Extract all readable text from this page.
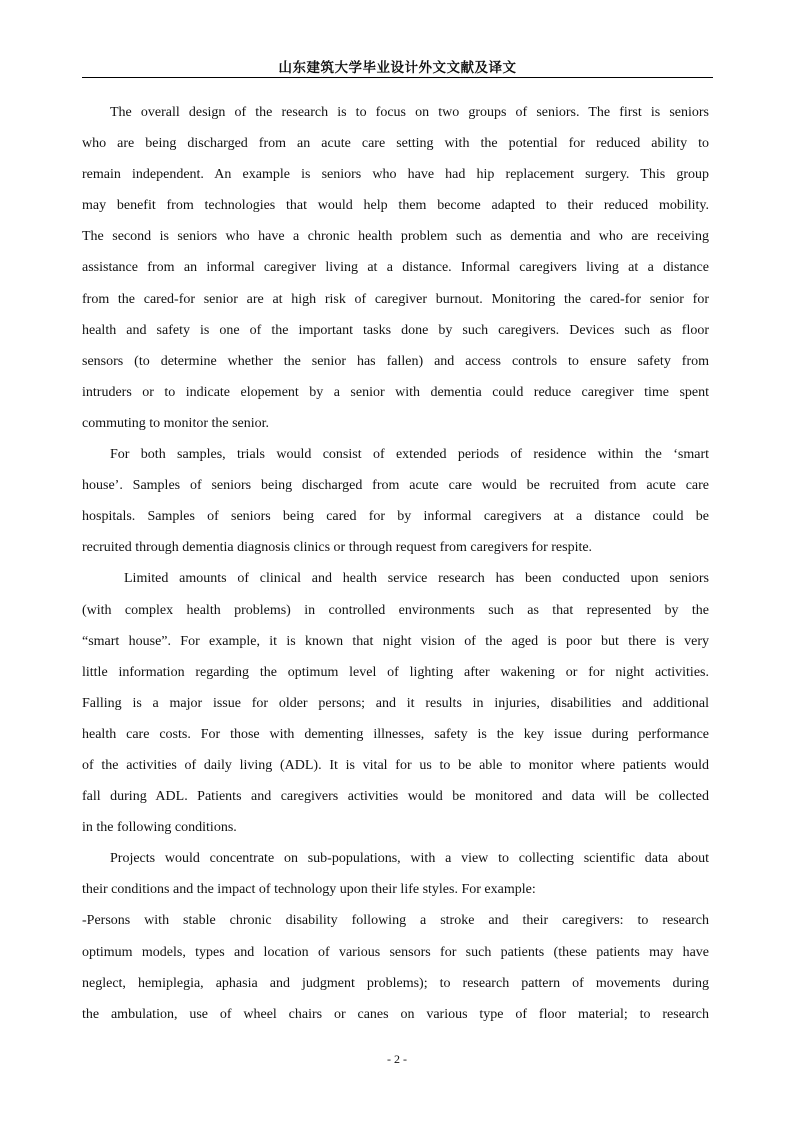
山东建筑大学毕业设计外文文献及译文
The overall design of the research is to focus on two groups of seniors. The first is seniors
who are being discharged from an acute care setting with the potential for reduced ability to
remain independent. An example is seniors who have had hip replacement surgery. This group
may benefit from technologies that would help them become adapted to their reduced mobility.
The second is seniors who have a chronic health problem such as dementia and who are receiving
assistance from an informal caregiver living at a distance. Informal caregivers living at a distance
from the cared-for senior are at high risk of caregiver burnout. Monitoring the cared-for senior for
health and safety is one of the important tasks done by such caregivers. Devices such as floor
sensors (to determine whether the senior has fallen) and access controls to ensure safety from
intruders or to indicate elopement by a senior with dementia could reduce caregiver time spent
commuting to monitor the senior.
For both samples, trials would consist of extended periods of residence within the ‘smart
house’. Samples of seniors being discharged from acute care would be recruited from acute care
hospitals. Samples of seniors being cared for by informal caregivers at a distance could be
recruited through dementia diagnosis clinics or through request from caregivers for respite.
Limited amounts of clinical and health service research has been conducted upon seniors
(with complex health problems) in controlled environments such as that represented by the
“smart house”. For example, it is known that night vision of the aged is poor but there is very
little information regarding the optimum level of lighting after wakening or for night activities.
Falling is a major issue for older persons; and it results in injuries, disabilities and additional
health care costs. For those with dementing illnesses, safety is the key issue during performance
of the activities of daily living (ADL). It is vital for us to be able to monitor where patients would
fall during ADL. Patients and caregivers activities would be monitored and data will be collected
in the following conditions.
Projects would concentrate on sub-populations, with a view to collecting scientific data about
their conditions and the impact of technology upon their life styles. For example:
-Persons with stable chronic disability following a stroke and their caregivers: to research
optimum models, types and location of various sensors for such patients (these patients may have
neglect, hemiplegia, aphasia and judgment problems); to research pattern of movements during
the ambulation, use of wheel chairs or canes on various type of floor material; to research
- 2 -
